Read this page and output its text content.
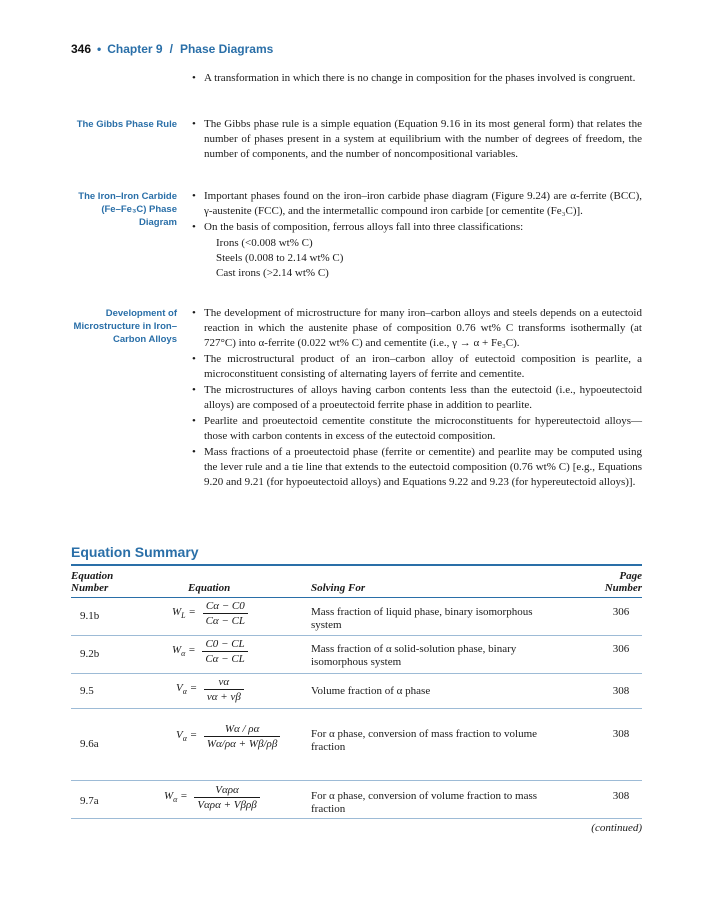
346 • Chapter 9 / Phase Diagrams
• A transformation in which there is no change in composition for the phases involved is congruent.
The Gibbs Phase Rule
•	The Gibbs phase rule is a simple equation (Equation 9.16 in its most general form) that relates the number of phases present in a system at equilibrium with the number of degrees of freedom, the number of components, and the number of noncompositional variables.
The Iron–Iron Carbide (Fe–Fe₃C) Phase Diagram
• Important phases found on the iron–iron carbide phase diagram (Figure 9.24) are α-ferrite (BCC), γ-austenite (FCC), and the intermetallic compound iron carbide [or cementite (Fe₃C)].
• On the basis of composition, ferrous alloys fall into three classifications:
Irons (<0.008 wt% C)
Steels (0.008 to 2.14 wt% C)
Cast irons (>2.14 wt% C)
Development of Microstructure in Iron–Carbon Alloys
• The development of microstructure for many iron–carbon alloys and steels depends on a eutectoid reaction in which the austenite phase of composition 0.76 wt% C transforms isothermally (at 727°C) into α-ferrite (0.022 wt% C) and cementite (i.e., γ → α + Fe₃C).
• The microstructural product of an iron–carbon alloy of eutectoid composition is pearlite, a microconstituent consisting of alternating layers of ferrite and cementite.
• The microstructures of alloys having carbon contents less than the eutectoid (i.e., hypoeutectoid alloys) are composed of a proeutectoid ferrite phase in addition to pearlite.
• Pearlite and proeutectoid cementite constitute the microconstituents for hypereutectoid alloys—those with carbon contents in excess of the eutectoid composition.
• Mass fractions of a proeutectoid phase (ferrite or cementite) and pearlite may be computed using the lever rule and a tie line that extends to the eutectoid composition (0.76 wt% C) [e.g., Equations 9.20 and 9.21 (for hypoeutectoid alloys) and Equations 9.22 and 9.23 (for hypereutectoid alloys)].
Equation Summary
Equation
Number	Equation	Solving For
Page
Number
9.1b	$W_L = \frac{C\alpha - C0}{C\alpha - CL}$	Mass fraction of liquid phase, binary isomorphous system
306
9.2b	$W_\alpha = \frac{C0 - CL}{C\alpha - CL}$	Mass fraction of α solid-solution phase, binary isomorphous system
306
9.5	$V_\alpha = \frac{v\alpha}{v\alpha + v\beta}$	Volume fraction of α phase	308
9.6a
$V_\alpha = \frac{W\alpha / \rho\alpha}{W\alpha/\rho\alpha + W\beta/\rho\beta}$	For α phase, conversion of mass fraction to volume fraction
308
9.7a	$W_\alpha = \frac{\text{Vαρα}}{\text{Vαρα + Vβρβ}}$	For α phase, conversion of volume fraction to mass fraction
308
(continued)
